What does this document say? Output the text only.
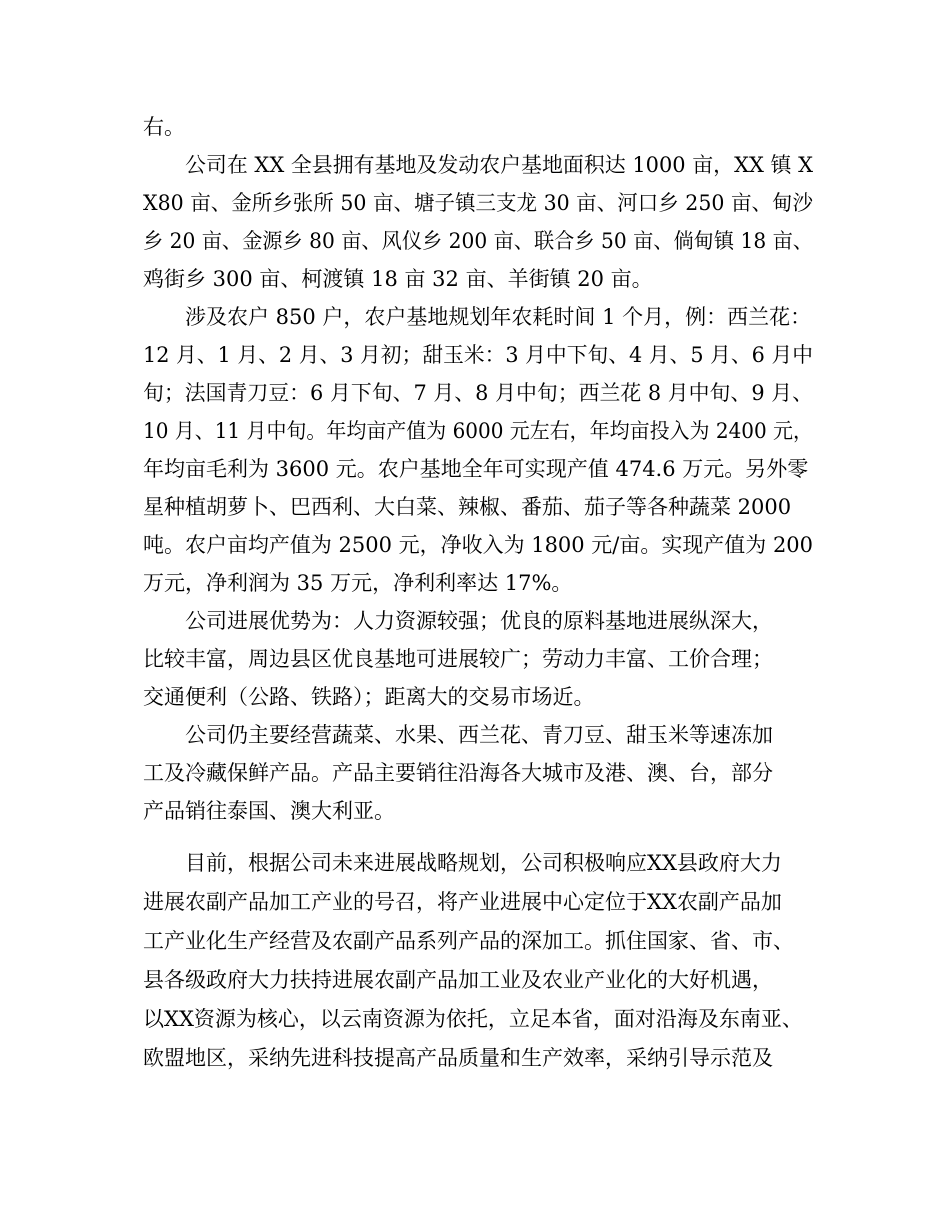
右。
公司在 XX 全县拥有基地及发动农户基地面积达 1000 亩，XX 镇 X
X80 亩、金所乡张所 50 亩、塘子镇三支龙 30 亩、河口乡 250 亩、甸沙
乡 20 亩、金源乡 80 亩、风仪乡 200 亩、联合乡 50 亩、倘甸镇 18 亩、
鸡街乡 300 亩、柯渡镇 18 亩 32 亩、羊街镇 20 亩。
涉及农户 850 户，农户基地规划年农耗时间 1 个月，例：西兰花：
12 月、1 月、2 月、3 月初；甜玉米：3 月中下旬、4 月、5 月、6 月中
旬；法国青刀豆：6 月下旬、7 月、8 月中旬；西兰花 8 月中旬、9 月、
10 月、11 月中旬。年均亩产值为 6000 元左右，年均亩投入为 2400 元，
年均亩毛利为 3600 元。农户基地全年可实现产值 474.6 万元。另外零
星种植胡萝卜、巴西利、大白菜、辣椒、番茄、茄子等各种蔬菜 2000
吨。农户亩均产值为 2500 元，净收入为 1800 元/亩。实现产值为 200
万元，净利润为 35 万元，净利利率达 17%。
公司进展优势为：人力资源较强；优良的原料基地进展纵深大，
比较丰富，周边县区优良基地可进展较广；劳动力丰富、工价合理；
交通便利（公路、铁路）；距离大的交易市场近。
公司仍主要经营蔬菜、水果、西兰花、青刀豆、甜玉米等速冻加
工及冷藏保鲜产品。产品主要销往沿海各大城市及港、澳、台，部分
产品销往泰国、澳大利亚。
目前，根据公司未来进展战略规划，公司积极响应XX县政府大力
进展农副产品加工产业的号召，将产业进展中心定位于XX农副产品加
工产业化生产经营及农副产品系列产品的深加工。抓住国家、省、市、
县各级政府大力扶持进展农副产品加工业及农业产业化的大好机遇，
以XX资源为核心，以云南资源为依托，立足本省，面对沿海及东南亚、
欧盟地区，采纳先进科技提高产品质量和生产效率，采纳引导示范及
